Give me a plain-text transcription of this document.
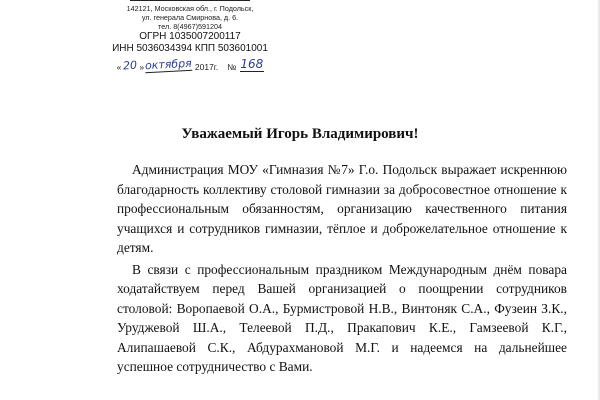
142121, Московская обл., г. Подольск,
ул. генерала Смирнова, д. 6.
тел. 8(4967)591204
ОГРН 1035007200117
ИНН 5036034394 КПП 503601001
« 20 » октября 2017г. № 168
Уважаемый Игорь Владимирович!

Администрация МОУ «Гимназия №7» Г.о. Подольск выражает искреннюю благодарность коллективу столовой гимназии за добросовестное отношение к профессиональным обязанностям, организацию качественного питания учащихся и сотрудников гимназии, тёплое и доброжелательное отношение к детям.

В связи с профессиональным праздником Международным днём повара ходатайствуем перед Вашей организацией о поощрении сотрудников столовой: Воропаевой О.А., Бурмистровой Н.В., Винтоняк С.А., Фузеин З.К., Уруджевой Ш.А., Телеевой П.Д., Пракапович К.Е., Гамзеевой К.Г., Алипашаевой С.К., Абдурахмановой М.Г. и надеемся на дальнейшее успешное сотрудничество с Вами.
